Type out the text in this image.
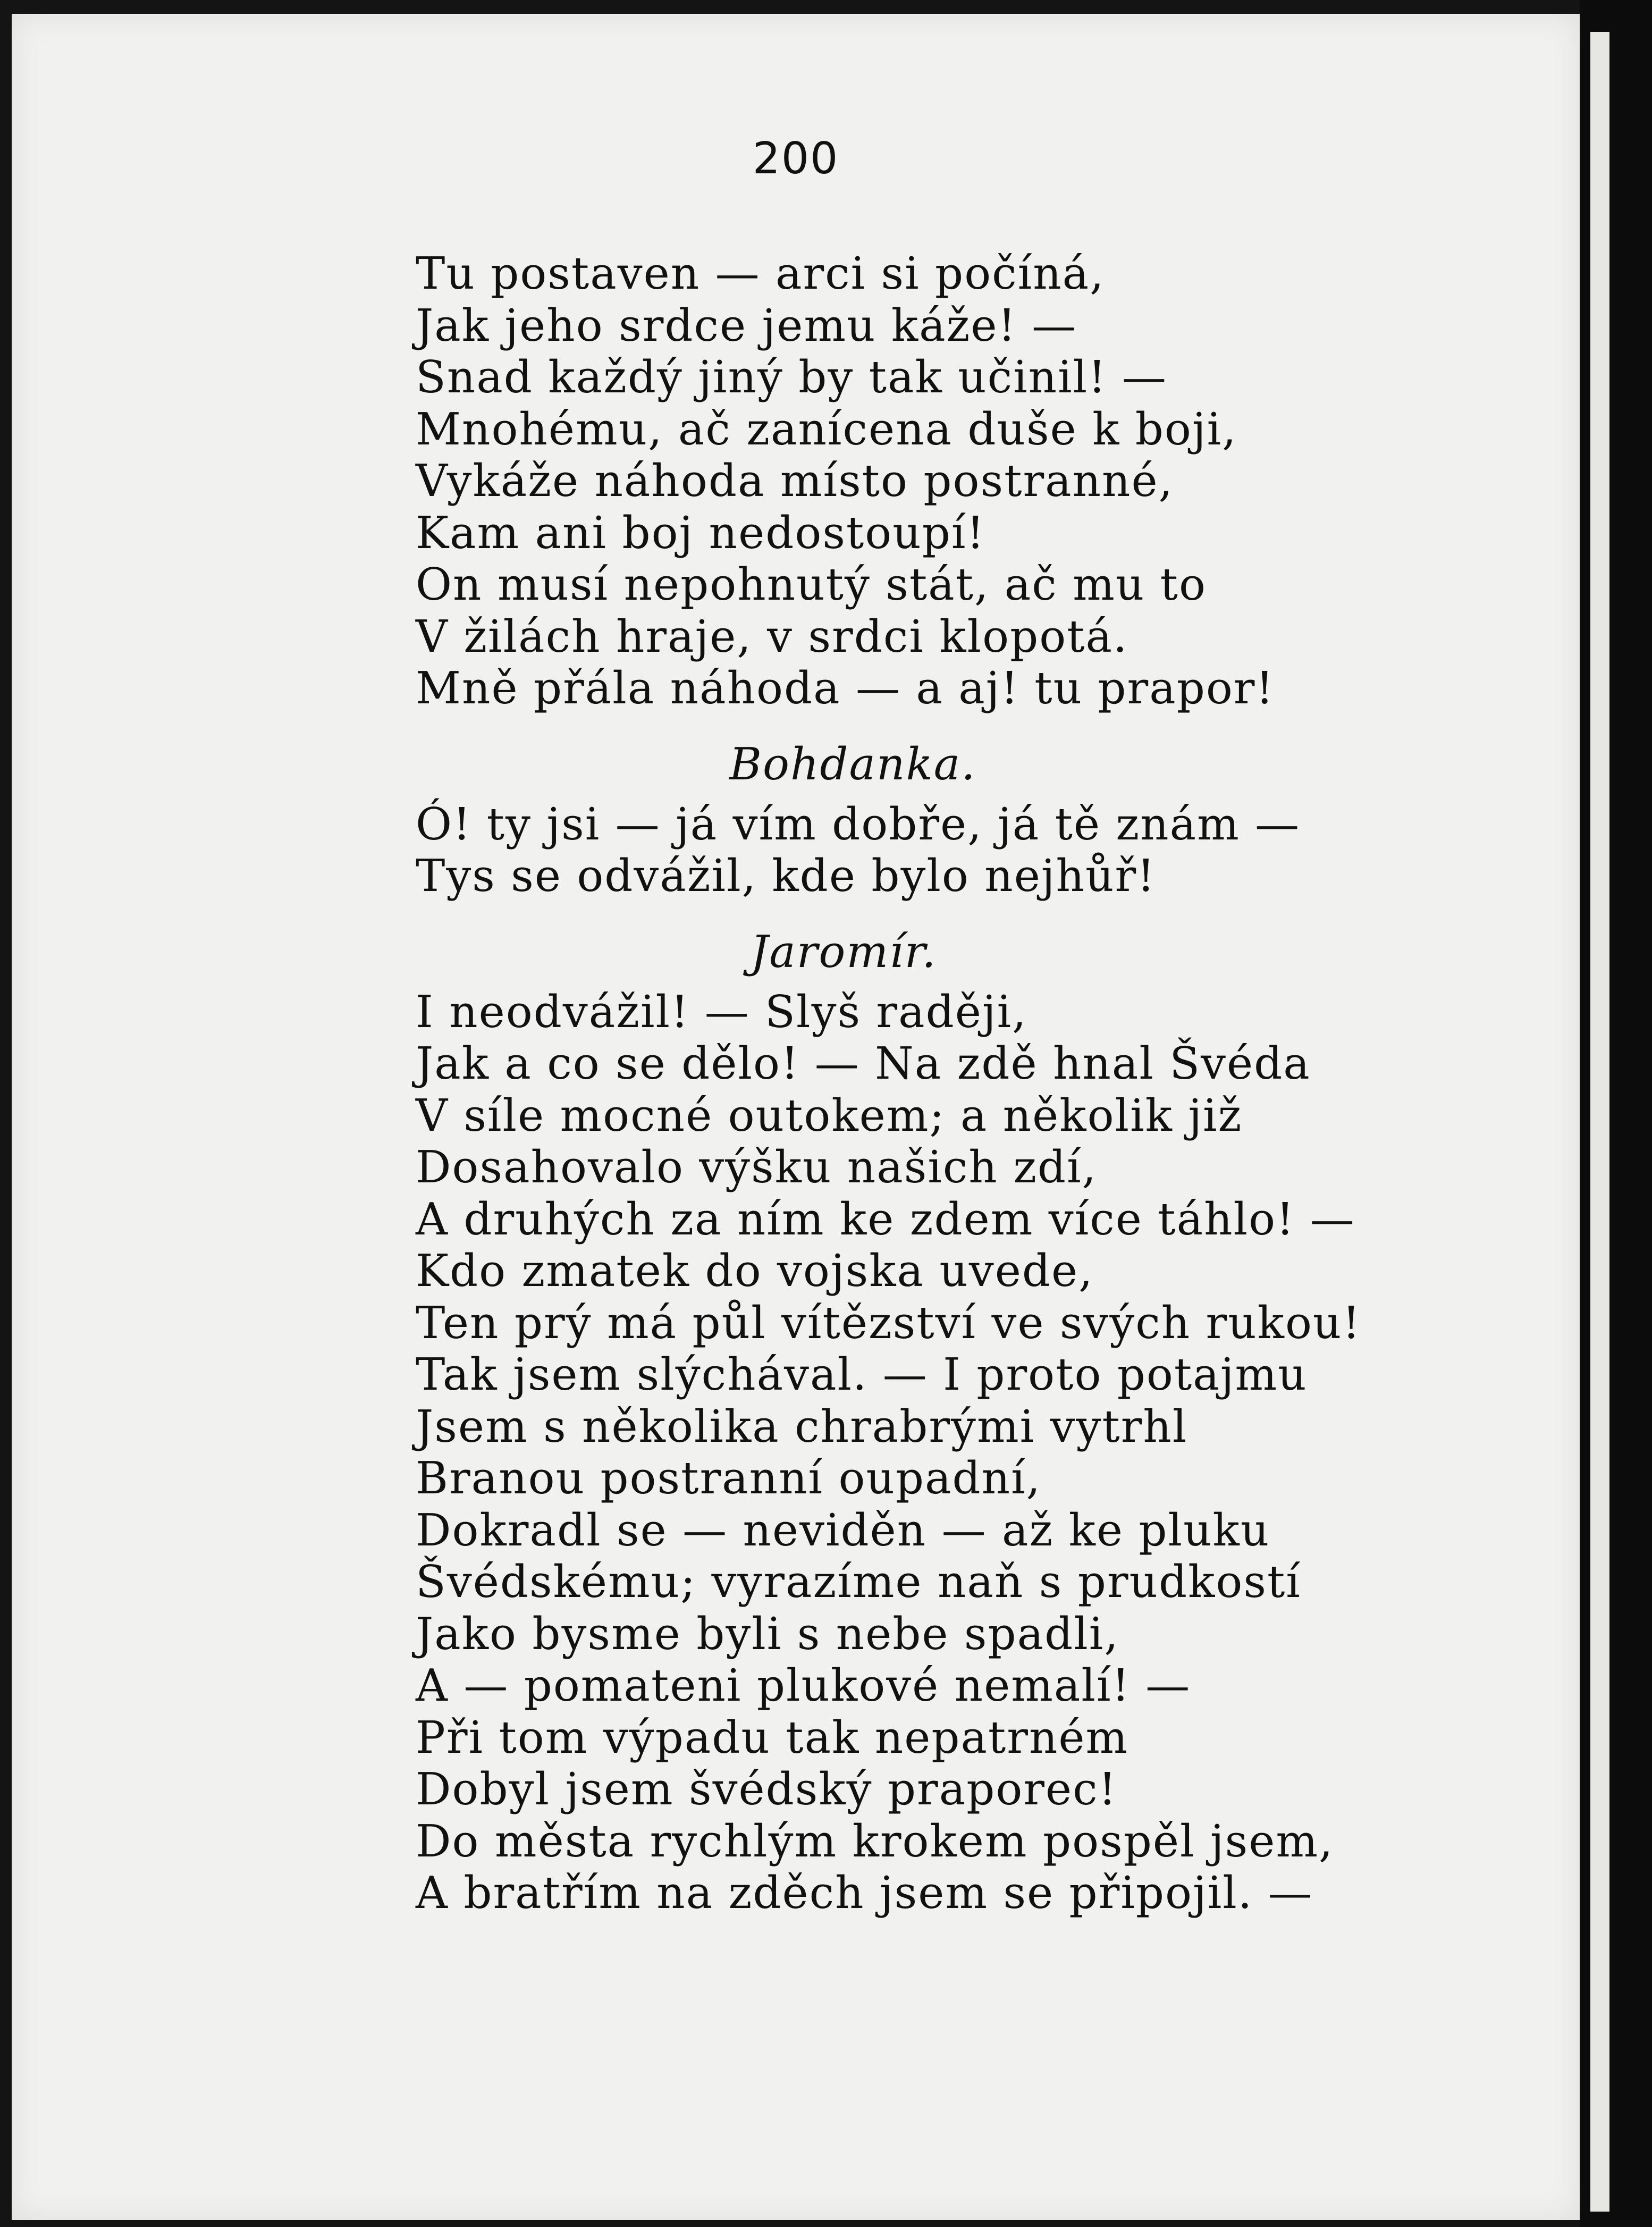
200
Tu postaven — arci si počíná,
Jak jeho srdce jemu káže! —
Snad každý jiný by tak učinil! —
Mnohému, ač zanícena duše k boji,
Vykáže náhoda místo postranné,
Kam ani boj nedostoupí!
On musí nepohnutý stát, ač mu to
V žilách hraje, v srdci klopotá.
Mně přála náhoda — a aj! tu prapor!
Bohdanka.
Ó! ty jsi — já vím dobře, já tě znám —
Tys se odvážil, kde bylo nejhůř!
Jaromír.
I neodvážil! — Slyš raději,
Jak a co se dělo! — Na zdě hnal Švéda
V síle mocné outokem; a několik již
Dosahovalo výšku našich zdí,
A druhých za ním ke zdem více táhlo! —
Kdo zmatek do vojska uvede,
Ten prý má půl vítězství ve svých rukou!
Tak jsem slýchával. — I proto potajmu
Jsem s několika chrabrými vytrhl
Branou postranní oupadní,
Dokradl se — neviděn — až ke pluku
Švédskému; vyrazíme naň s prudkostí
Jako bysme byli s nebe spadli,
A — pomateni plukové nemalí! —
Při tom výpadu tak nepatrném
Dobyl jsem švédský praporec!
Do města rychlým krokem pospěl jsem,
A bratřím na zděch jsem se připojil. —
